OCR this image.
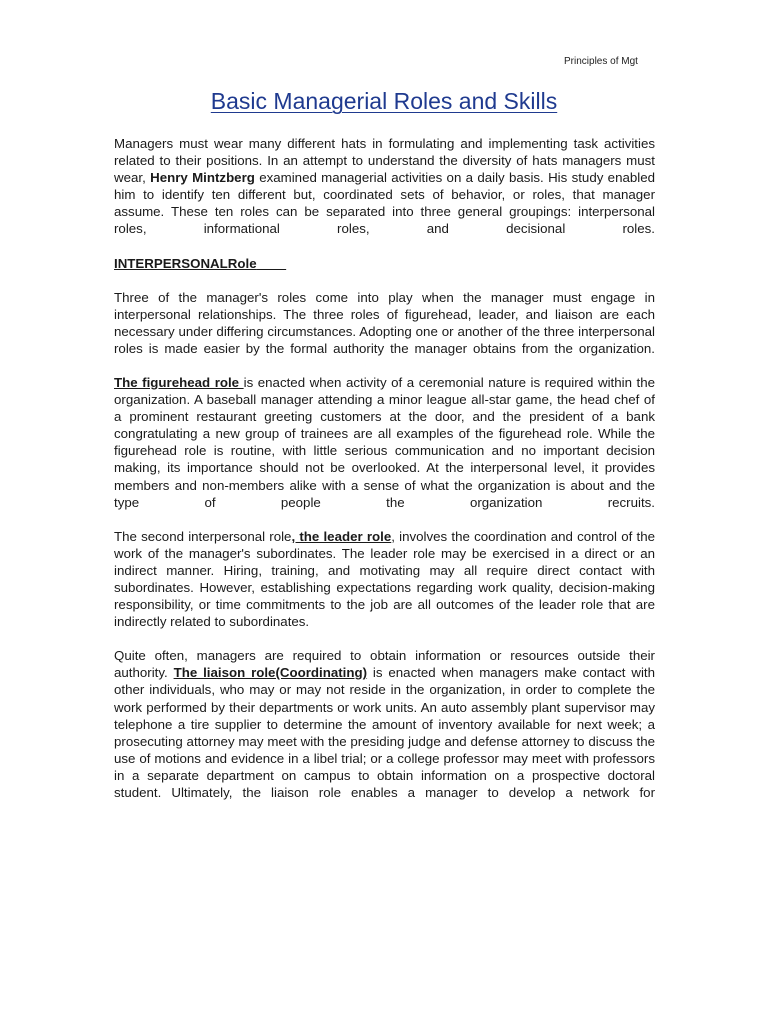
Principles of Mgt
Basic Managerial Roles and Skills

Managers must wear many different hats in formulating and implementing task activities related to their positions. In an attempt to understand the diversity of hats managers must wear, Henry Mintzberg examined managerial activities on a daily basis. His study enabled him to identify ten different but, coordinated sets of behavior, or roles, that manager assume. These ten roles can be separated into three general groupings: interpersonal roles, informational roles, and decisional roles.

INTERPERSONALRole

Three of the manager's roles come into play when the manager must engage in interpersonal relationships. The three roles of figurehead, leader, and liaison are each necessary under differing circumstances. Adopting one or another of the three interpersonal roles is made easier by the formal authority the manager obtains from the organization.

The figurehead role is enacted when activity of a ceremonial nature is required within the organization. A baseball manager attending a minor league all-star game, the head chef of a prominent restaurant greeting customers at the door, and the president of a bank congratulating a new group of trainees are all examples of the figurehead role. While the figurehead role is routine, with little serious communication and no important decision making, its importance should not be overlooked. At the interpersonal level, it provides members and non-members alike with a sense of what the organization is about and the type of people the organization recruits.

The second interpersonal role, the leader role, involves the coordination and control of the work of the manager's subordinates. The leader role may be exercised in a direct or an indirect manner. Hiring, training, and motivating may all require direct contact with subordinates. However, establishing expectations regarding work quality, decision-making responsibility, or time commitments to the job are all outcomes of the leader role that are indirectly related to subordinates.

Quite often, managers are required to obtain information or resources outside their authority. The liaison role(Coordinating) is enacted when managers make contact with other individuals, who may or may not reside in the organization, in order to complete the work performed by their departments or work units. An auto assembly plant supervisor may telephone a tire supplier to determine the amount of inventory available for next week; a prosecuting attorney may meet with the presiding judge and defense attorney to discuss the use of motions and evidence in a libel trial; or a college professor may meet with professors in a separate department on campus to obtain information on a prospective doctoral student. Ultimately, the liaison role enables a manager to develop a network for
